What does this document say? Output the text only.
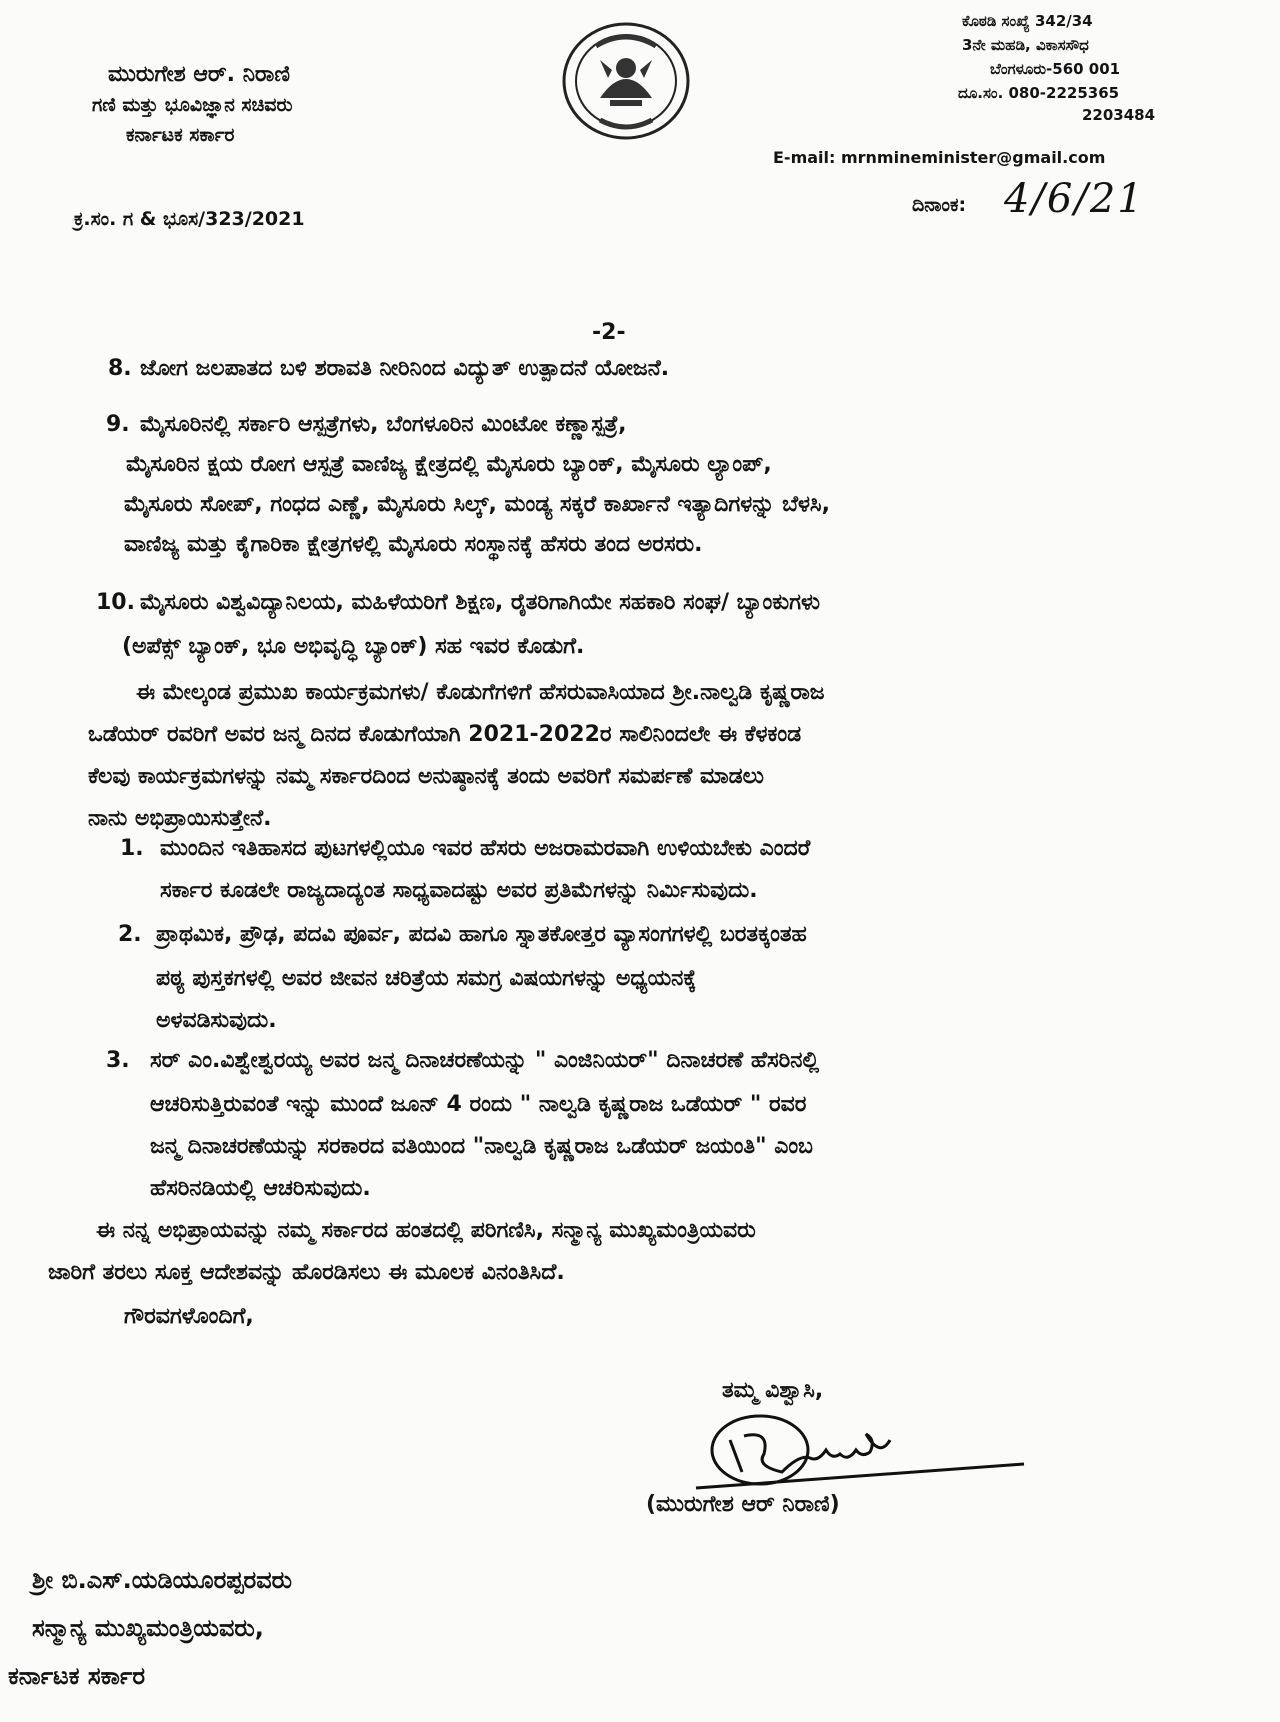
ಮುರುಗೇಶ ಆರ್. ನಿರಾಣಿ
ಗಣಿ ಮತ್ತು ಭೂವಿಜ್ಞಾನ ಸಚಿವರು
ಕರ್ನಾಟಕ ಸರ್ಕಾರ
ಕೊಠಡಿ ಸಂಖ್ಯೆ 342/34
3ನೇ ಮಹಡಿ, ವಿಕಾಸಸೌಧ
ಬೆಂಗಳೂರು-560 001
ದೂ.ಸಂ. 080-2225365
2203484
E-mail: mrnmineminister@gmail.com
ಕ್ರ.ಸಂ. ಗ & ಭೂಸ/323/2021
ದಿನಾಂಕ: 4/6/21
-2-
8. ಜೋಗ ಜಲಪಾತದ ಬಳಿ ಶರಾವತಿ ನೀರಿನಿಂದ ವಿದ್ಯುತ್ ಉತ್ಪಾದನೆ ಯೋಜನೆ.
9. ಮೈಸೂರಿನಲ್ಲಿ ಸರ್ಕಾರಿ ಆಸ್ಪತ್ರೆಗಳು, ಬೆಂಗಳೂರಿನ ಮಿಂಟೋ ಕಣ್ಣಾಸ್ಪತ್ರೆ,
ಮೈಸೂರಿನ ಕ್ಷಯ ರೋಗ ಆಸ್ಪತ್ರೆ ವಾಣಿಜ್ಯ ಕ್ಷೇತ್ರದಲ್ಲಿ ಮೈಸೂರು ಬ್ಯಾಂಕ್, ಮೈಸೂರು ಲ್ಯಾಂಪ್,
ಮೈಸೂರು ಸೋಪ್, ಗಂಧದ ಎಣ್ಣೆ, ಮೈಸೂರು ಸಿಲ್ಕ್, ಮಂಡ್ಯ ಸಕ್ಕರೆ ಕಾರ್ಖಾನೆ ಇತ್ಯಾದಿಗಳನ್ನು ಬೆಳಸಿ,
ವಾಣಿಜ್ಯ ಮತ್ತು ಕೈಗಾರಿಕಾ ಕ್ಷೇತ್ರಗಳಲ್ಲಿ ಮೈಸೂರು ಸಂಸ್ಥಾನಕ್ಕೆ ಹೆಸರು ತಂದ ಅರಸರು.
10. ಮೈಸೂರು ವಿಶ್ವವಿದ್ಯಾನಿಲಯ, ಮಹಿಳೆಯರಿಗೆ ಶಿಕ್ಷಣ, ರೈತರಿಗಾಗಿಯೇ ಸಹಕಾರಿ ಸಂಘ/ ಬ್ಯಾಂಕುಗಳು
(ಅಪೆಕ್ಸ್ ಬ್ಯಾಂಕ್, ಭೂ ಅಭಿವೃದ್ಧಿ ಬ್ಯಾಂಕ್) ಸಹ ಇವರ ಕೊಡುಗೆ.
ಈ ಮೇಲ್ಕಂಡ ಪ್ರಮುಖ ಕಾರ್ಯಕ್ರಮಗಳು/ ಕೊಡುಗೆಗಳಿಗೆ ಹೆಸರುವಾಸಿಯಾದ ಶ್ರೀ.ನಾಲ್ವಡಿ ಕೃಷ್ಣರಾಜ
ಒಡೆಯರ್ ರವರಿಗೆ ಅವರ ಜನ್ಮ ದಿನದ ಕೊಡುಗೆಯಾಗಿ 2021-2022ರ ಸಾಲಿನಿಂದಲೇ ಈ ಕೆಳಕಂಡ
ಕೆಲವು ಕಾರ್ಯಕ್ರಮಗಳನ್ನು ನಮ್ಮ ಸರ್ಕಾರದಿಂದ ಅನುಷ್ಠಾನಕ್ಕೆ ತಂದು ಅವರಿಗೆ ಸಮರ್ಪಣೆ ಮಾಡಲು
ನಾನು ಅಭಿಪ್ರಾಯಿಸುತ್ತೇನೆ.
1. ಮುಂದಿನ ಇತಿಹಾಸದ ಪುಟಗಳಲ್ಲಿಯೂ ಇವರ ಹೆಸರು ಅಜರಾಮರವಾಗಿ ಉಳಿಯಬೇಕು ಎಂದರೆ
ಸರ್ಕಾರ ಕೂಡಲೇ ರಾಜ್ಯದಾದ್ಯಂತ ಸಾಧ್ಯವಾದಷ್ಟು ಅವರ ಪ್ರತಿಮೆಗಳನ್ನು ನಿರ್ಮಿಸುವುದು.
2. ಪ್ರಾಥಮಿಕ, ಪ್ರೌಢ, ಪದವಿ ಪೂರ್ವ, ಪದವಿ ಹಾಗೂ ಸ್ನಾತಕೋತ್ತರ ವ್ಯಾಸಂಗಗಳಲ್ಲಿ ಬರತಕ್ಕಂತಹ
ಪಠ್ಯ ಪುಸ್ತಕಗಳಲ್ಲಿ ಅವರ ಜೀವನ ಚರಿತ್ರೆಯ ಸಮಗ್ರ ವಿಷಯಗಳನ್ನು ಅಧ್ಯಯನಕ್ಕೆ
ಅಳವಡಿಸುವುದು.
3. ಸರ್ ಎಂ.ವಿಶ್ವೇಶ್ವರಯ್ಯ ಅವರ ಜನ್ಮ ದಿನಾಚರಣೆಯನ್ನು " ಎಂಜಿನಿಯರ್" ದಿನಾಚರಣೆ ಹೆಸರಿನಲ್ಲಿ
ಆಚರಿಸುತ್ತಿರುವಂತೆ ಇನ್ನು ಮುಂದೆ ಜೂನ್ 4 ರಂದು " ನಾಲ್ವಡಿ ಕೃಷ್ಣರಾಜ ಒಡೆಯರ್ " ರವರ
ಜನ್ಮ ದಿನಾಚರಣೆಯನ್ನು ಸರಕಾರದ ವತಿಯಿಂದ "ನಾಲ್ವಡಿ ಕೃಷ್ಣರಾಜ ಒಡೆಯರ್ ಜಯಂತಿ" ಎಂಬ
ಹೆಸರಿನಡಿಯಲ್ಲಿ ಆಚರಿಸುವುದು.
ಈ ನನ್ನ ಅಭಿಪ್ರಾಯವನ್ನು ನಮ್ಮ ಸರ್ಕಾರದ ಹಂತದಲ್ಲಿ ಪರಿಗಣಿಸಿ, ಸನ್ಮಾನ್ಯ ಮುಖ್ಯಮಂತ್ರಿಯವರು
ಜಾರಿಗೆ ತರಲು ಸೂಕ್ತ ಆದೇಶವನ್ನು ಹೊರಡಿಸಲು ಈ ಮೂಲಕ ವಿನಂತಿಸಿದೆ.
ಗೌರವಗಳೊಂದಿಗೆ,
ತಮ್ಮ ವಿಶ್ವಾಸಿ,
(ಮುರುಗೇಶ ಆರ್ ನಿರಾಣಿ)
ಶ್ರೀ ಬಿ.ಎಸ್.ಯಡಿಯೂರಪ್ಪರವರು
ಸನ್ಮಾನ್ಯ ಮುಖ್ಯಮಂತ್ರಿಯವರು,
ಕರ್ನಾಟಕ ಸರ್ಕಾರ
